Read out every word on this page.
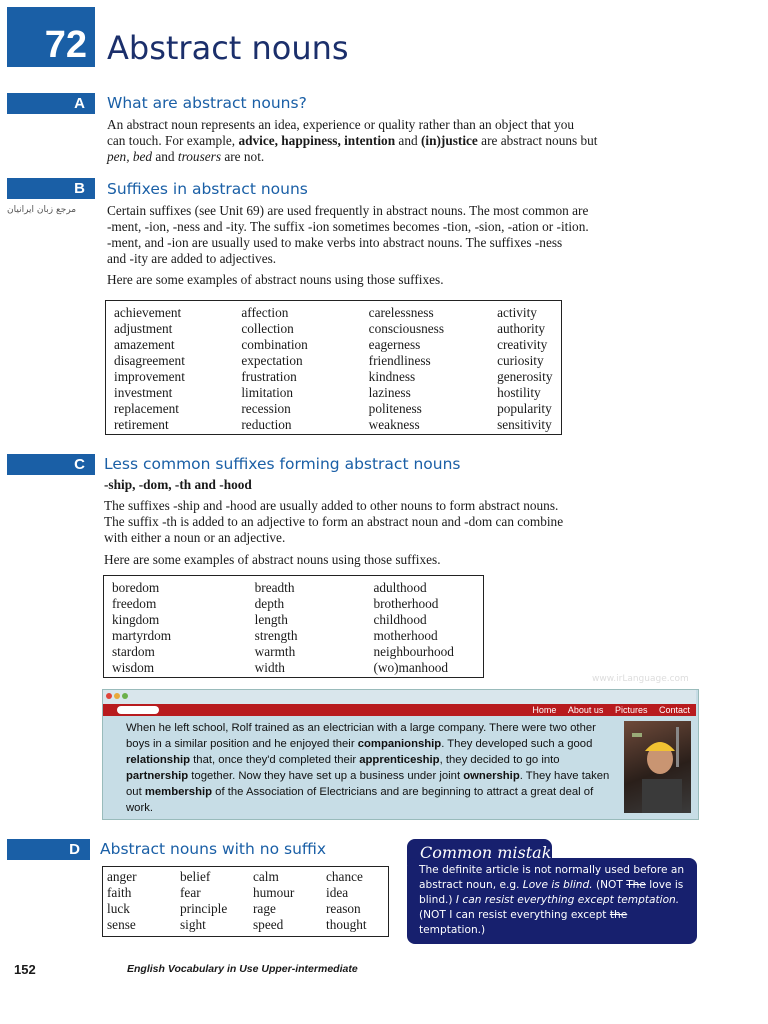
72 Abstract nouns
مرجع زبان ایرانیان
A	What are abstract nouns?
An abstract noun represents an idea, experience or quality rather than an object that you
can touch. For example, advice, happiness, intention and (in)justice are abstract nouns but
pen, bed and trousers are not.
B	Suffixes in abstract nouns
Certain suffixes (see Unit 69) are used frequently in abstract nouns. The most common are
-ment, -ion, -ness and -ity. The suffix -ion sometimes becomes -tion, -sion, -ation or -ition.
-ment, and -ion are usually used to make verbs into abstract nouns. The suffixes -ness
and -ity are added to adjectives.
Here are some examples of abstract nouns using those suffixes.
achievement	affection	carelessness	activity
adjustment	collection	consciousness	authority
amazement	combination	eagerness	creativity
disagreement	expectation	friendliness	curiosity
improvement	frustration	kindness	generosity
investment	limitation	laziness	hostility
replacement	recession	politeness	popularity
retirement	reduction	weakness	sensitivity
C	Less common suffixes forming abstract nouns
-ship, -dom, -th and -hood
The suffixes -ship and -hood are usually added to other nouns to form abstract nouns.
The suffix -th is added to an adjective to form an abstract noun and -dom can combine
with either a noun or an adjective.
Here are some examples of abstract nouns using those suffixes.
boredom	breadth	adulthood
freedom	depth	brotherhood
kingdom	length	childhood
martyrdom	strength	motherhood
stardom	warmth	neighbourhood
wisdom	width	(wo)manhood
www.irLanguage.com
Home About us Pictures Contact
When he left school, Rolf trained as an electrician with a large company. There were two other boys in a similar position and he enjoyed their companionship. They developed such a good relationship that, once they'd completed their apprenticeship, they decided to go into partnership together. Now they have set up a business under joint ownership. They have taken out membership of the Association of Electricians and are beginning to attract a great deal of work.
D	Abstract nouns with no suffix
anger	belief	calm	chance
faith	fear	humour	idea
luck	principle	rage	reason
sense	sight	speed	thought
Common mistake
The definite article is not normally used before an abstract noun, e.g. Love is blind. (NOT The love is blind.) I can resist everything except temptation. (NOT I can resist everything except the temptation.)
152	English Vocabulary in Use Upper-intermediate
